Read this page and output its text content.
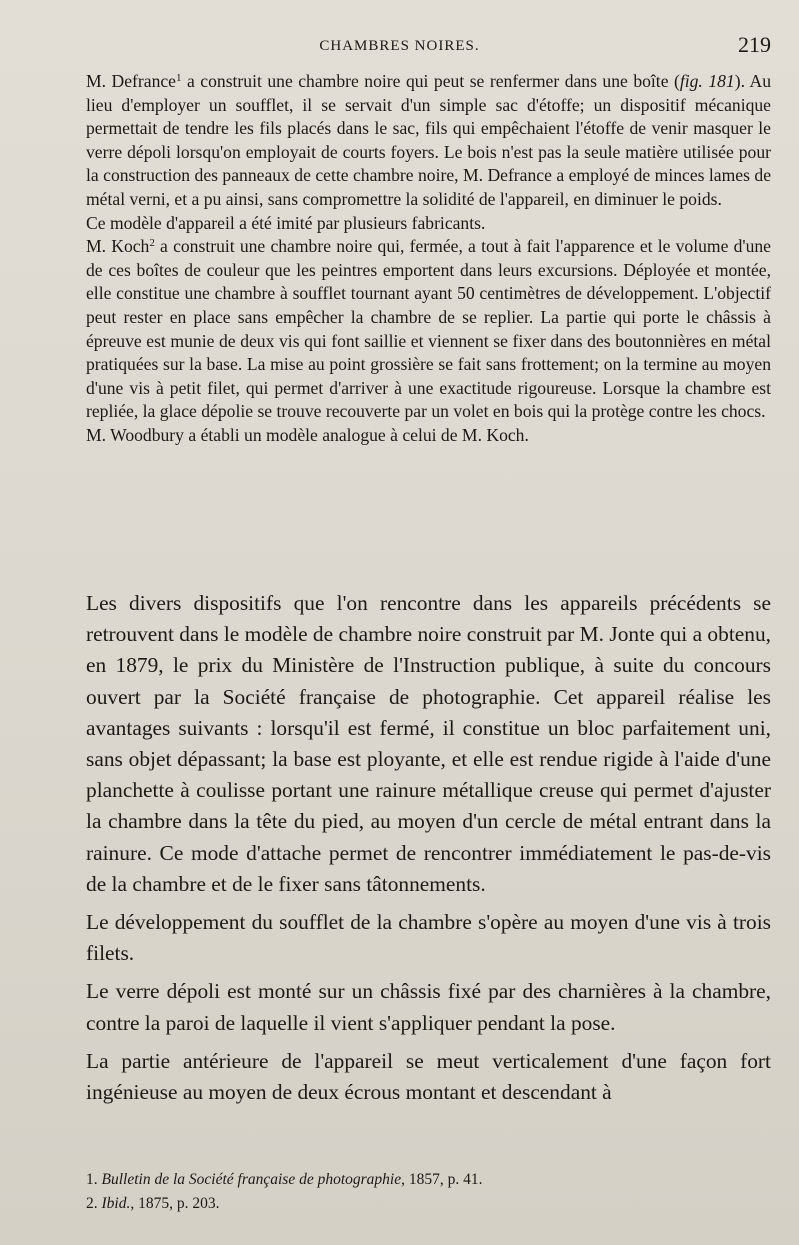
CHAMBRES NOIRES.	219

M. Defrance$^1$ a construit une chambre noire qui peut se renfermer dans une boîte (fig. 181). Au lieu d'employer un soufflet, il se servait d'un simple sac d'étoffe; un dispositif mécanique permettait de tendre les fils placés dans le sac, fils qui empêchaient l'étoffe de venir masquer le verre dépoli lorsqu'on employait de courts foyers. Le bois n'est pas la seule matière utilisée pour la construction des panneaux de cette chambre noire, M. Defrance a employé de minces lames de métal verni, et a pu ainsi, sans compromettre la solidité de l'appareil, en diminuer le poids.

Ce modèle d'appareil a été imité par plusieurs fabricants.

M. Koch$^2$ a construit une chambre noire qui, fermée, a tout à fait l'apparence et le volume d'une de ces boîtes de couleur que les peintres emportent dans leurs excursions. Déployée et montée, elle constitue une chambre à soufflet tournant ayant 50 centimètres de développement. L'objectif peut rester en place sans empêcher la chambre de se replier. La partie qui porte le châssis à épreuve est munie de deux vis qui font saillie et viennent se fixer dans des boutonnières en métal pratiquées sur la base. La mise au point grossière se fait sans frottement; on la termine au moyen d'une vis à petit filet, qui permet d'arriver à une exactitude rigoureuse. Lorsque la chambre est repliée, la glace dépolie se trouve recouverte par un volet en bois qui la protège contre les chocs.

M. Woodbury a établi un modèle analogue à celui de M. Koch.

Les divers dispositifs que l'on rencontre dans les appareils précédents se retrouvent dans le modèle de chambre noire construit par M. Jonte qui a obtenu, en 1879, le prix du Ministère de l'Instruction publique, à suite du concours ouvert par la Société française de photographie. Cet appareil réalise les avantages suivants : lorsqu'il est fermé, il constitue un bloc parfaitement uni, sans objet dépassant; la base est ployante, et elle est rendue rigide à l'aide d'une planchette à coulisse portant une rainure métallique creuse qui permet d'ajuster la chambre dans la tête du pied, au moyen d'un cercle de métal entrant dans la rainure. Ce mode d'attache permet de rencontrer immédiatement le pas-de-vis de la chambre et de le fixer sans tâtonnements.

Le développement du soufflet de la chambre s'opère au moyen d'une vis à trois filets.

Le verre dépoli est monté sur un châssis fixé par des charnières à la chambre, contre la paroi de laquelle il vient s'appliquer pendant la pose.

La partie antérieure de l'appareil se meut verticalement d'une façon fort ingénieuse au moyen de deux écrous montant et descendant à

1. Bulletin de la Société française de photographie, 1857, p. 41.
2. Ibid., 1875, p. 203.
